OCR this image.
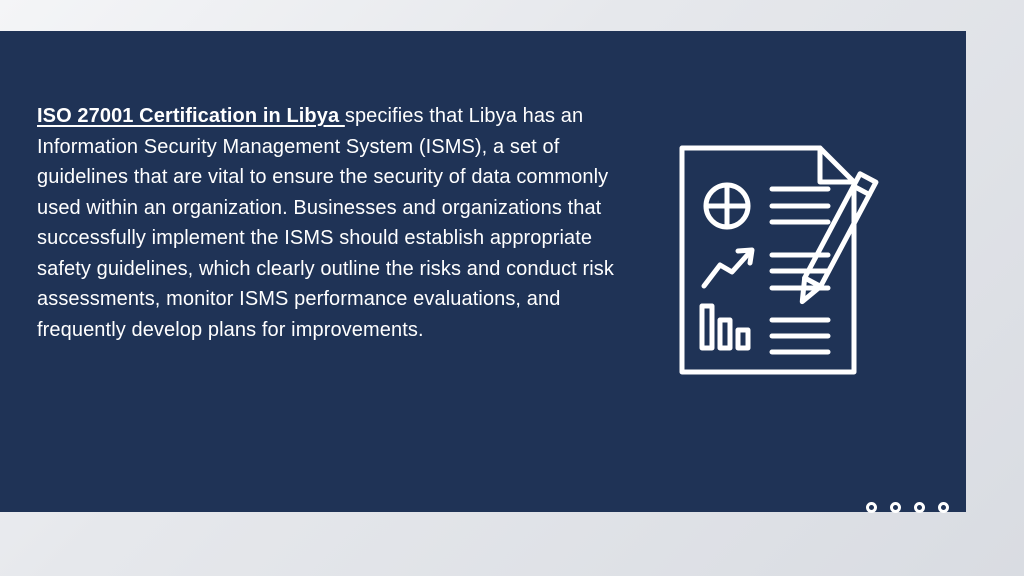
ISO 27001 Certification in Libya specifies that Libya has an Information Security Management System (ISMS), a set of guidelines that are vital to ensure the security of data commonly used within an organization. Businesses and organizations that successfully implement the ISMS should establish appropriate safety guidelines, which clearly outline the risks and conduct risk assessments, monitor ISMS performance evaluations, and frequently develop plans for improvements.
